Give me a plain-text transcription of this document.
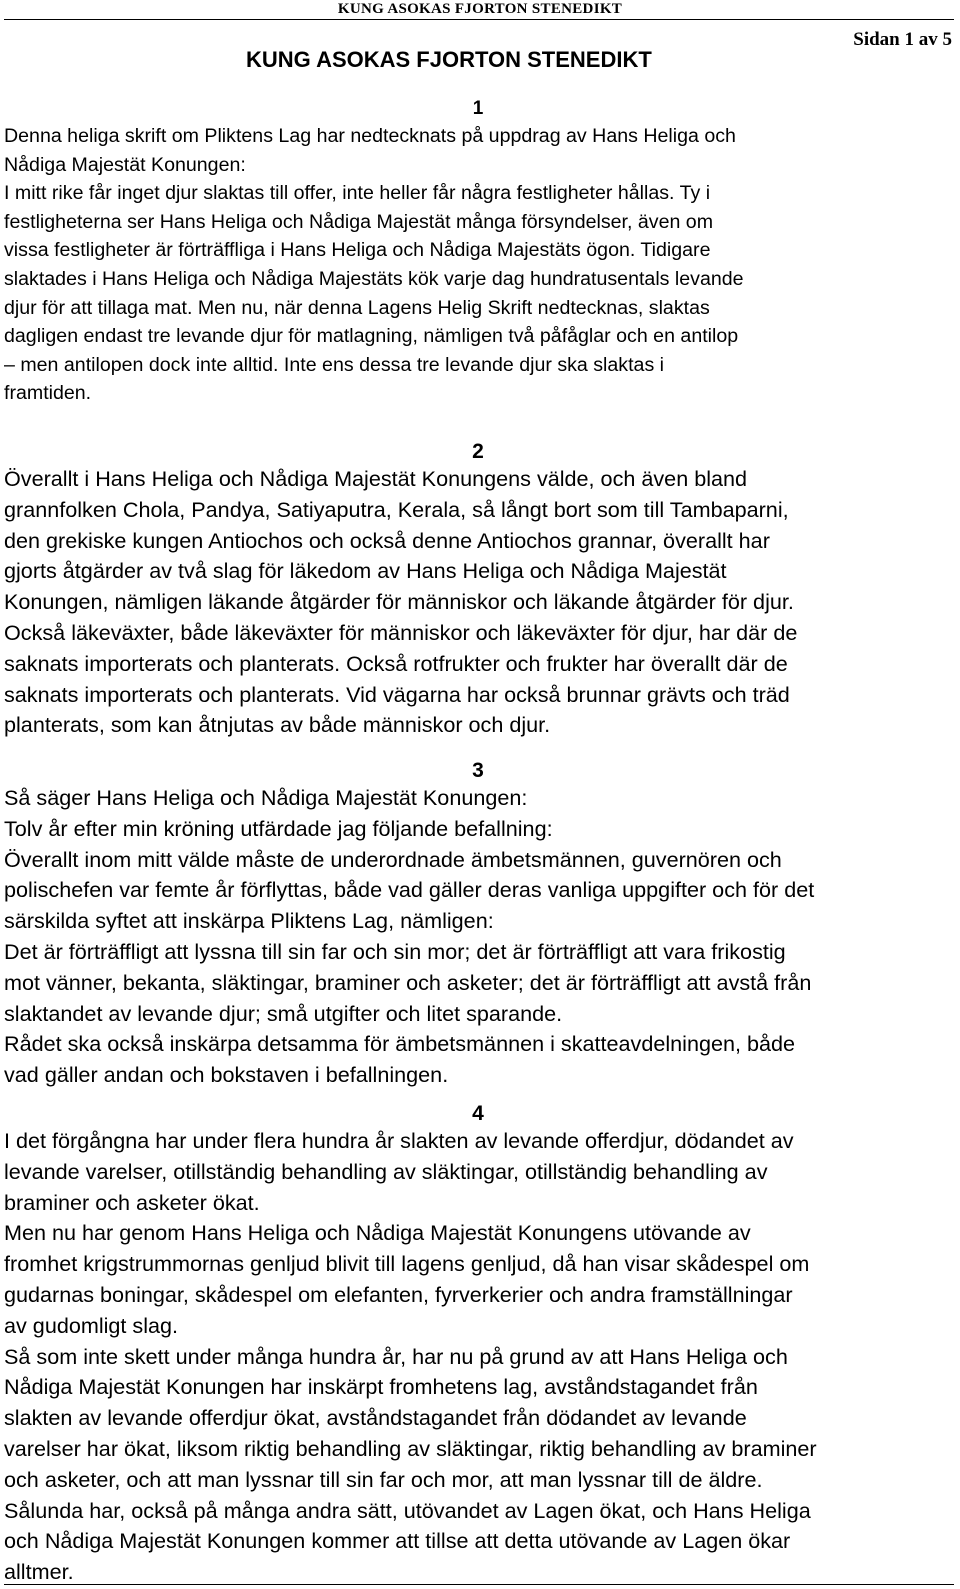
KUNG ASOKAS FJORTON STENEDIKT
KUNG ASOKAS FJORTON STENEDIKT
Sidan 1 av 5
1
Denna heliga skrift om Pliktens Lag har nedtecknats på uppdrag av Hans Heliga och
Nådiga Majestät Konungen:
I mitt rike får inget djur slaktas till offer, inte heller får några festligheter hållas. Ty i
festligheterna ser Hans Heliga och Nådiga Majestät många försyndelser, även om
vissa festligheter är förträffliga i Hans Heliga och Nådiga Majestäts ögon. Tidigare
slaktades i Hans Heliga och Nådiga Majestäts kök varje dag hundratusentals levande
djur för att tillaga mat. Men nu, när denna Lagens Helig Skrift nedtecknas, slaktas
dagligen endast tre levande djur för matlagning, nämligen två påfåglar och en antilop
– men antilopen dock inte alltid. Inte ens dessa tre levande djur ska slaktas i
framtiden.
2
Överallt i Hans Heliga och Nådiga Majestät Konungens välde, och även bland
grannfolken Chola, Pandya, Satiyaputra, Kerala, så långt bort som till Tambaparni,
den grekiske kungen Antiochos och också denne Antiochos grannar, överallt har
gjorts åtgärder av två slag för läkedom av Hans Heliga och Nådiga Majestät
Konungen, nämligen läkande åtgärder för människor och läkande åtgärder för djur.
Också läkeväxter, både läkeväxter för människor och läkeväxter för djur, har där de
saknats importerats och planterats. Också rotfrukter och frukter har överallt där de
saknats importerats och planterats. Vid vägarna har också brunnar grävts och träd
planterats, som kan åtnjutas av både människor och djur.
3
Så säger Hans Heliga och Nådiga Majestät Konungen:
Tolv år efter min kröning utfärdade jag följande befallning:
Överallt inom mitt välde måste de underordnade ämbetsmännen, guvernören och
polischefen var femte år förflyttas, både vad gäller deras vanliga uppgifter och för det
särskilda syftet att inskärpa Pliktens Lag, nämligen:
Det är förträffligt att lyssna till sin far och sin mor; det är förträffligt att vara frikostig
mot vänner, bekanta, släktingar, braminer och asketer; det är förträffligt att avstå från
slaktandet av levande djur; små utgifter och litet sparande.
Rådet ska också inskärpa detsamma för ämbetsmännen i skatteavdelningen, både
vad gäller andan och bokstaven i befallningen.
4
I det förgångna har under flera hundra år slakten av levande offerdjur, dödandet av
levande varelser, otillständig behandling av släktingar, otillständig behandling av
braminer och asketer ökat.
Men nu har genom Hans Heliga och Nådiga Majestät Konungens utövande av
fromhet krigstrummornas genljud blivit till lagens genljud, då han visar skådespel om
gudarnas boningar, skådespel om elefanten, fyrverkerier och andra framställningar
av gudomligt slag.
Så som inte skett under många hundra år, har nu på grund av att Hans Heliga och
Nådiga Majestät Konungen har inskärpt fromhetens lag, avståndstagandet från
slakten av levande offerdjur ökat, avståndstagandet från dödandet av levande
varelser har ökat, liksom riktig behandling av släktingar, riktig behandling av braminer
och asketer, och att man lyssnar till sin far och mor, att man lyssnar till de äldre.
Sålunda har, också på många andra sätt, utövandet av Lagen ökat, och Hans Heliga
och Nådiga Majestät Konungen kommer att tillse att detta utövande av Lagen ökar
alltmer.
